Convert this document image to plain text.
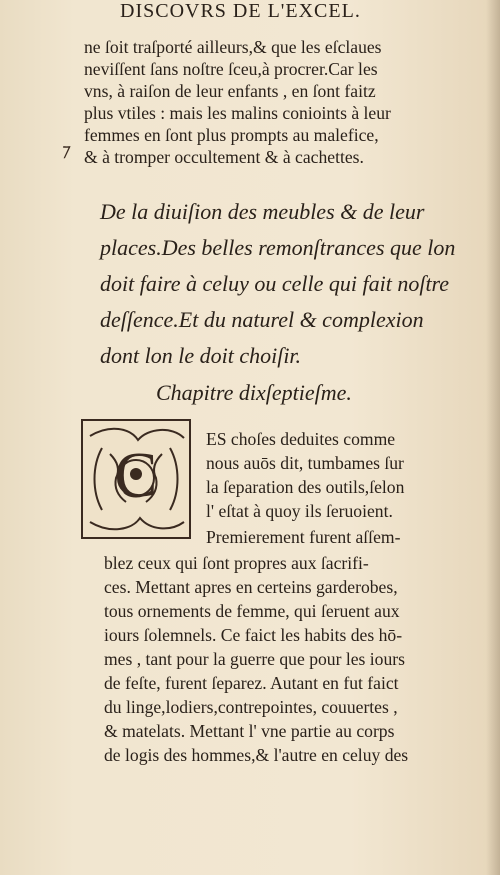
DISCOVRS DE L'EXCEL.
⁊
ne ſoit traſporté ailleurs,& que les eſclaues
neviſſent ſans noſtre ſceu,à procrer.Car les
vns, à raiſon de leur enfants , en ſont faitz
plus vtiles : mais les malins conioints à leur
femmes en ſont plus prompts au malefice,
& à tromper occultement & à cachettes.
De la diuiſion des meubles & de leur
places.Des belles remonſtrances que lon
doit faire à celuy ou celle qui fait noſtre
deſſence.Et du naturel & complexion
dont lon le doit choiſir.
Chapitre dixſeptieſme.
C	ES choſes deduites comme
nous auōs dit, tumbames ſur
la ſeparation des outils,ſelon
l' eſtat à quoy ils ſeruoient.
Premierement furent aſſem-
blez ceux qui ſont propres aux ſacrifi-
ces. Mettant apres en certeins garderobes,
tous ornements de femme, qui ſeruent aux
iours ſolemnels. Ce faict les habits des hō-
mes , tant pour la guerre que pour les iours
de feſte, furent ſeparez. Autant en fut faict
du linge,lodiers,contrepointes, couuertes ,
& matelats. Mettant l' vne partie au corps
de logis des hommes,& l'autre en celuy des
